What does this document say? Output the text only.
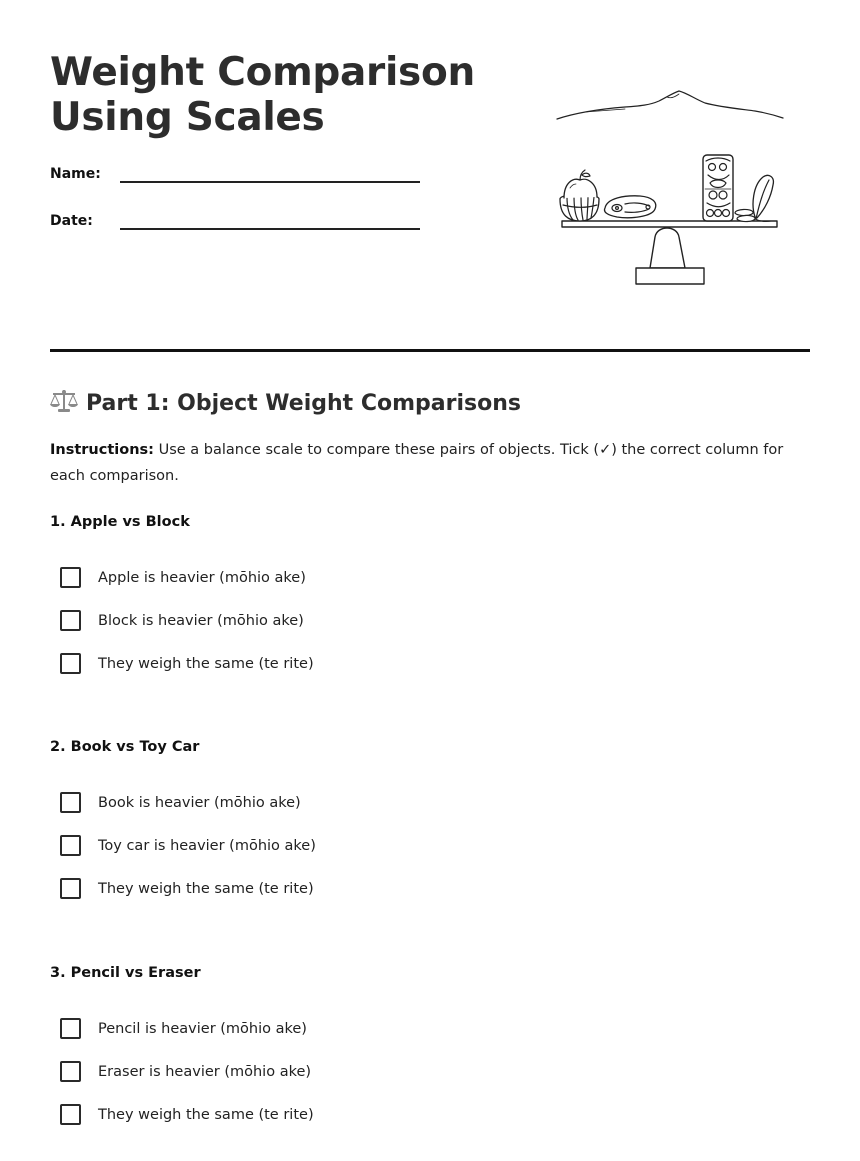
Weight Comparison
Using Scales
Name:
Date:
Part 1: Object Weight Comparisons

Instructions: Use a balance scale to compare these pairs of objects. Tick (✓) the correct column for each comparison.

1. Apple vs Block
Apple is heavier (mōhio ake)
Block is heavier (mōhio ake)
They weigh the same (te rite)
2. Book vs Toy Car
Book is heavier (mōhio ake)
Toy car is heavier (mōhio ake)
They weigh the same (te rite)
3. Pencil vs Eraser
Pencil is heavier (mōhio ake)
Eraser is heavier (mōhio ake)
They weigh the same (te rite)
